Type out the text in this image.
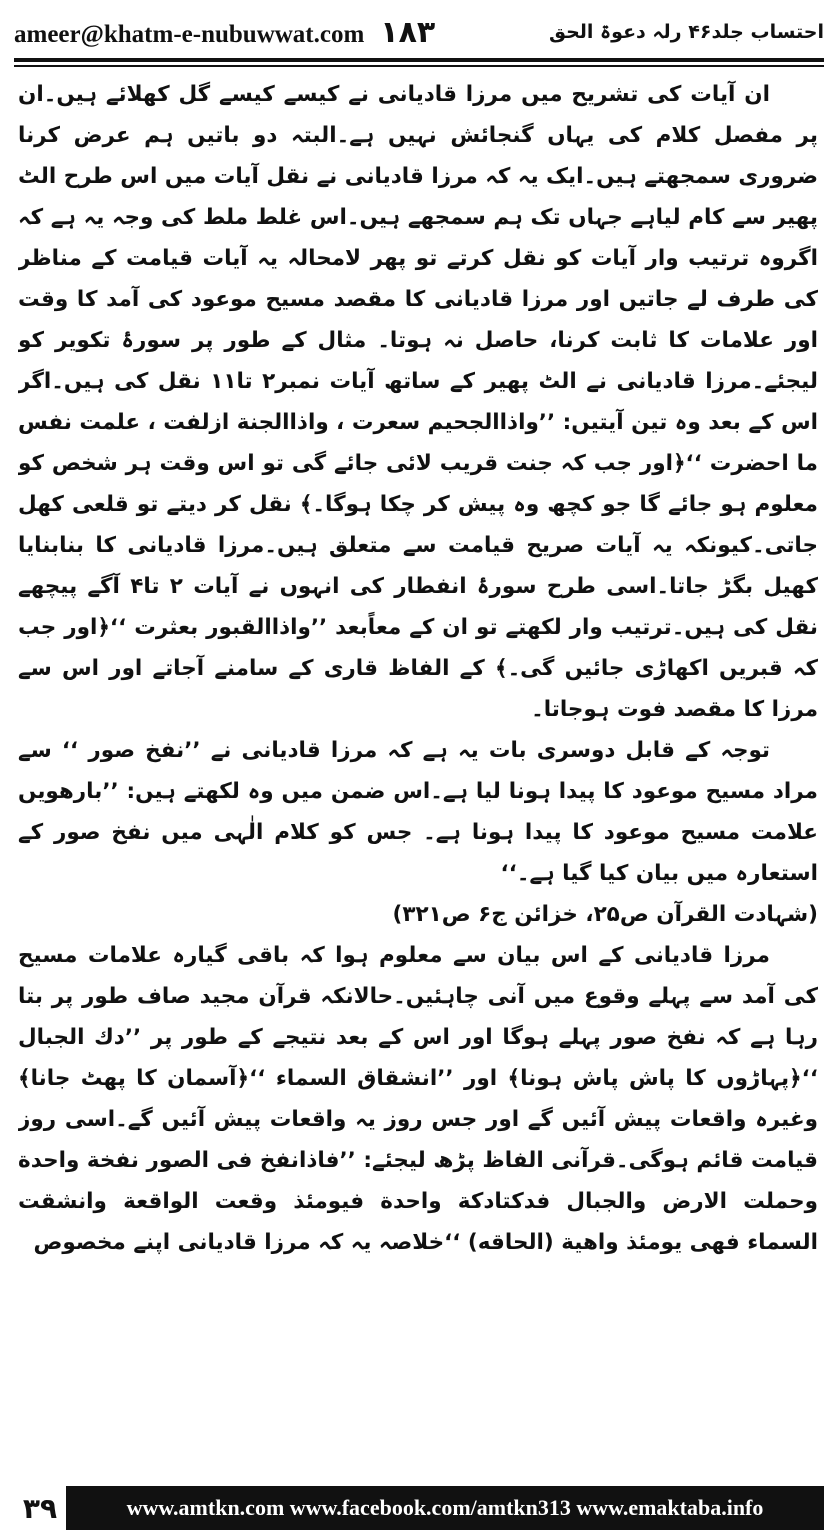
ameer@khatm-e-nubuwwat.com ۱۸۳	احتساب جلد۴۶ رلہ دعوۃ الحق

ان آیات کی تشریح میں مرزا قادیانی نے کیسے کیسے گل کھلائے ہیں۔ان پر مفصل کلام کی یہاں گنجائش نہیں ہے۔البتہ دو باتیں ہم عرض کرنا ضروری سمجھتے ہیں۔ایک یہ کہ مرزا قادیانی نے نقل آیات میں اس طرح الٹ پھیر سے کام لیاہے جہاں تک ہم سمجھے ہیں۔اس غلط ملط کی وجہ یہ ہے کہ اگروہ ترتیب وار آیات کو نقل کرتے تو پھر لامحالہ یہ آیات قیامت کے مناظر کی طرف لے جاتیں اور مرزا قادیانی کا مقصد مسیح موعود کی آمد کا وقت اور علامات کا ثابت کرنا، حاصل نہ ہوتا۔ مثال کے طور پر سورۂ تکویر کو لیجئے۔مرزا قادیانی نے الٹ پھیر کے ساتھ آیات نمبر۲ تا۱۱ نقل کی ہیں۔اگر اس کے بعد وہ تین آیتیں: ’’واذاالجحیم سعرت ، واذاالجنة ازلفت ، علمت نفس ما احضرت ‘‘﴿اور جب کہ جنت قریب لائی جائے گی تو اس وقت ہر شخص کو معلوم ہو جائے گا جو کچھ وہ پیش کر چکا ہوگا۔﴾ نقل کر دیتے تو قلعی کھل جاتی۔کیونکہ یہ آیات صریح قیامت سے متعلق ہیں۔مرزا قادیانی کا بنابنایا کھیل بگڑ جاتا۔اسی طرح سورۂ انفطار کی انہوں نے آیات ۲ تا۴ آگے پیچھے نقل کی ہیں۔ترتیب وار لکھتے تو ان کے معاًبعد ’’واذاالقبور بعثرت ‘‘﴿اور جب کہ قبریں اکھاڑی جائیں گی۔﴾ کے الفاظ قاری کے سامنے آجاتے اور اس سے مرزا کا مقصد فوت ہوجاتا۔

توجہ کے قابل دوسری بات یہ ہے کہ مرزا قادیانی نے ’’نفخ صور ‘‘ سے مراد مسیح موعود کا پیدا ہونا لیا ہے۔اس ضمن میں وہ لکھتے ہیں: ’’بارھویں علامت مسیح موعود کا پیدا ہونا ہے۔ جس کو کلام الٰہی میں نفخ صور کے استعارہ میں بیان کیا گیا ہے۔‘‘

(شہادت القرآن ص۲۵، خزائن ج۶ ص۳۲۱)

مرزا قادیانی کے اس بیان سے معلوم ہوا کہ باقی گیارہ علامات مسیح کی آمد سے پہلے وقوع میں آنی چاہئیں۔حالانکہ قرآن مجید صاف طور پر بتا رہا ہے کہ نفخ صور پہلے ہوگا اور اس کے بعد نتیجے کے طور پر ’’دك الجبال ‘‘﴿پہاڑوں کا پاش پاش ہونا﴾ اور ’’انشقاق السماء ‘‘﴿آسمان کا پھٹ جانا﴾ وغیرہ واقعات پیش آئیں گے اور جس روز یہ واقعات پیش آئیں گے۔اسی روز قیامت قائم ہوگی۔قرآنی الفاظ پڑھ لیجئے: ’’فاذانفخ فی الصور نفخة واحدة وحملت الارض والجبال فدكتادكة واحدة فيومئذ وقعت الواقعة وانشقت السماء فهی يومئذ واهية (الحاقه) ‘‘خلاصہ یہ کہ مرزا قادیانی اپنے مخصوص

۳۹	www.amtkn.com www.facebook.com/amtkn313 www.emaktaba.info
